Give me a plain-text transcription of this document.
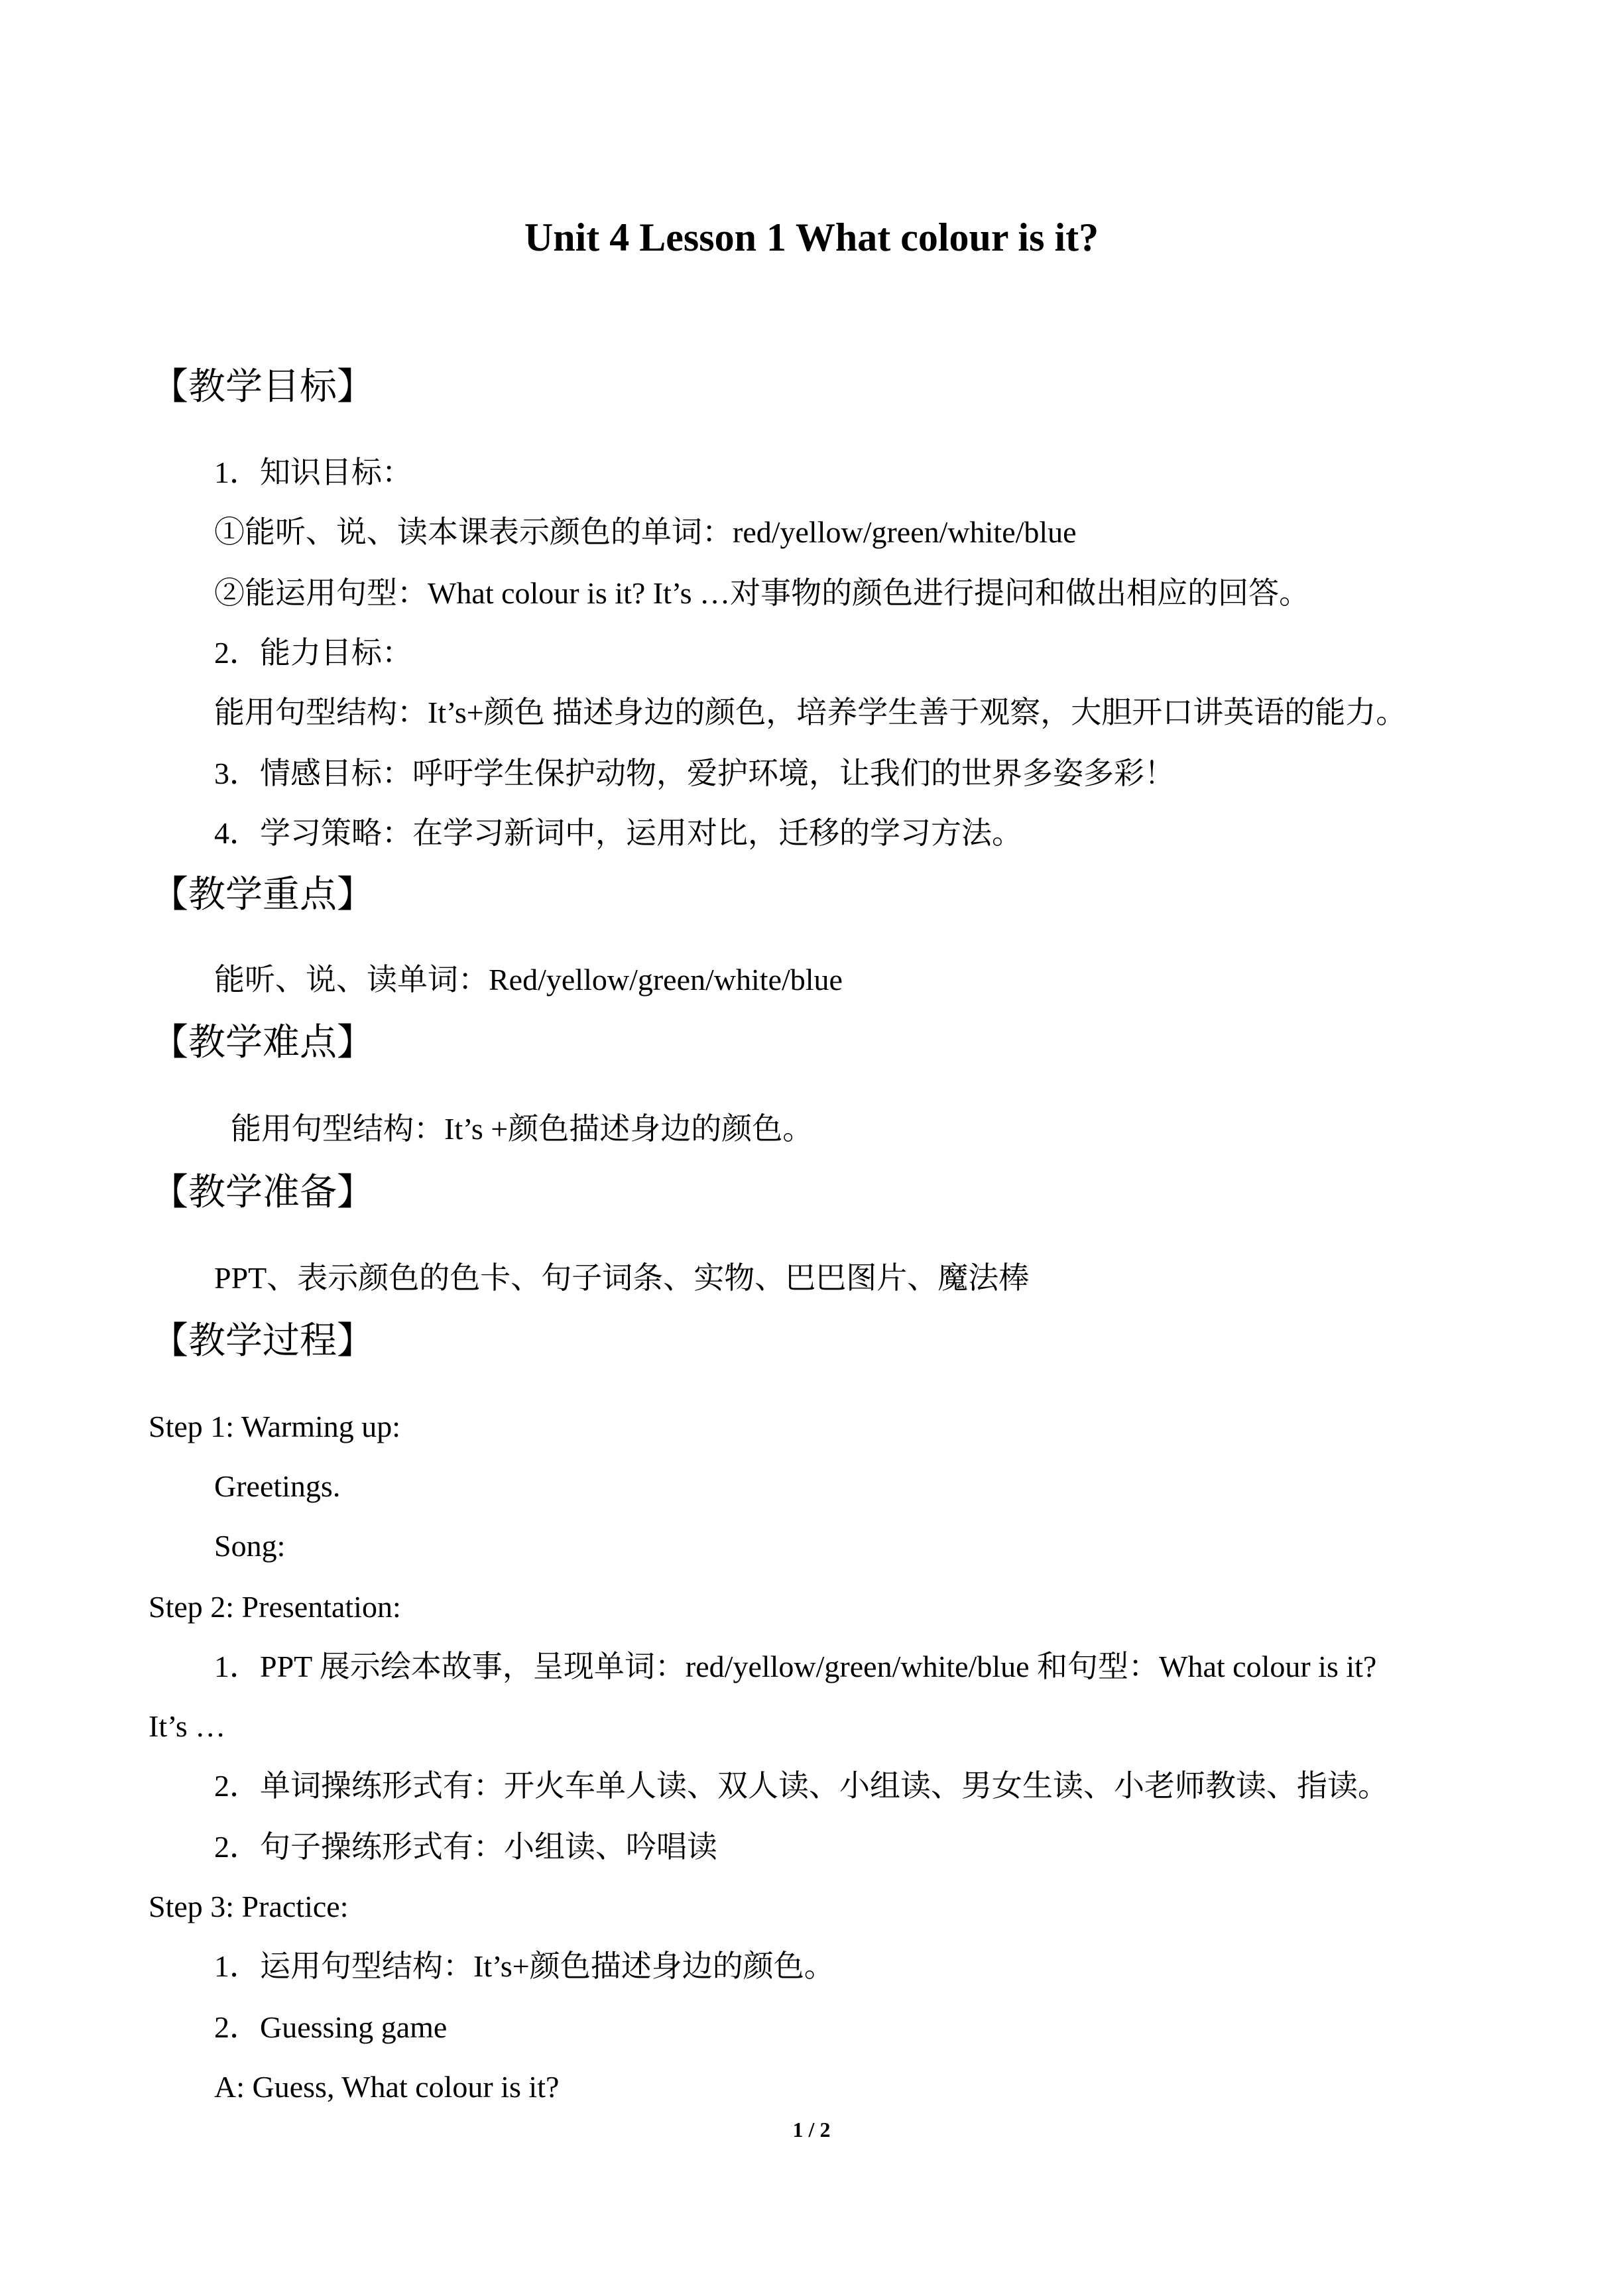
Unit 4 Lesson 1 What colour is it?
【教学目标】
1．知识目标：
①能听、说、读本课表示颜色的单词：red/yellow/green/white/blue
②能运用句型：What colour is it? It’s …对事物的颜色进行提问和做出相应的回答。
2．能力目标：
能用句型结构：It’s+颜色 描述身边的颜色，培养学生善于观察，大胆开口讲英语的能力。
3．情感目标：呼吁学生保护动物，爱护环境，让我们的世界多姿多彩！
4．学习策略：在学习新词中，运用对比，迁移的学习方法。
【教学重点】
能听、说、读单词：Red/yellow/green/white/blue
【教学难点】
能用句型结构：It’s +颜色描述身边的颜色。
【教学准备】
PPT、表示颜色的色卡、句子词条、实物、巴巴图片、魔法棒
【教学过程】
Step 1: Warming up:
Greetings.
Song:
Step 2: Presentation:
1．PPT 展示绘本故事，呈现单词：red/yellow/green/white/blue 和句型：What colour is it?
It’s …
2．单词操练形式有：开火车单人读、双人读、小组读、男女生读、小老师教读、指读。
2．句子操练形式有：小组读、吟唱读
Step 3: Practice:
1．运用句型结构：It’s+颜色描述身边的颜色。
2．Guessing game
A: Guess, What colour is it?
1 / 2
